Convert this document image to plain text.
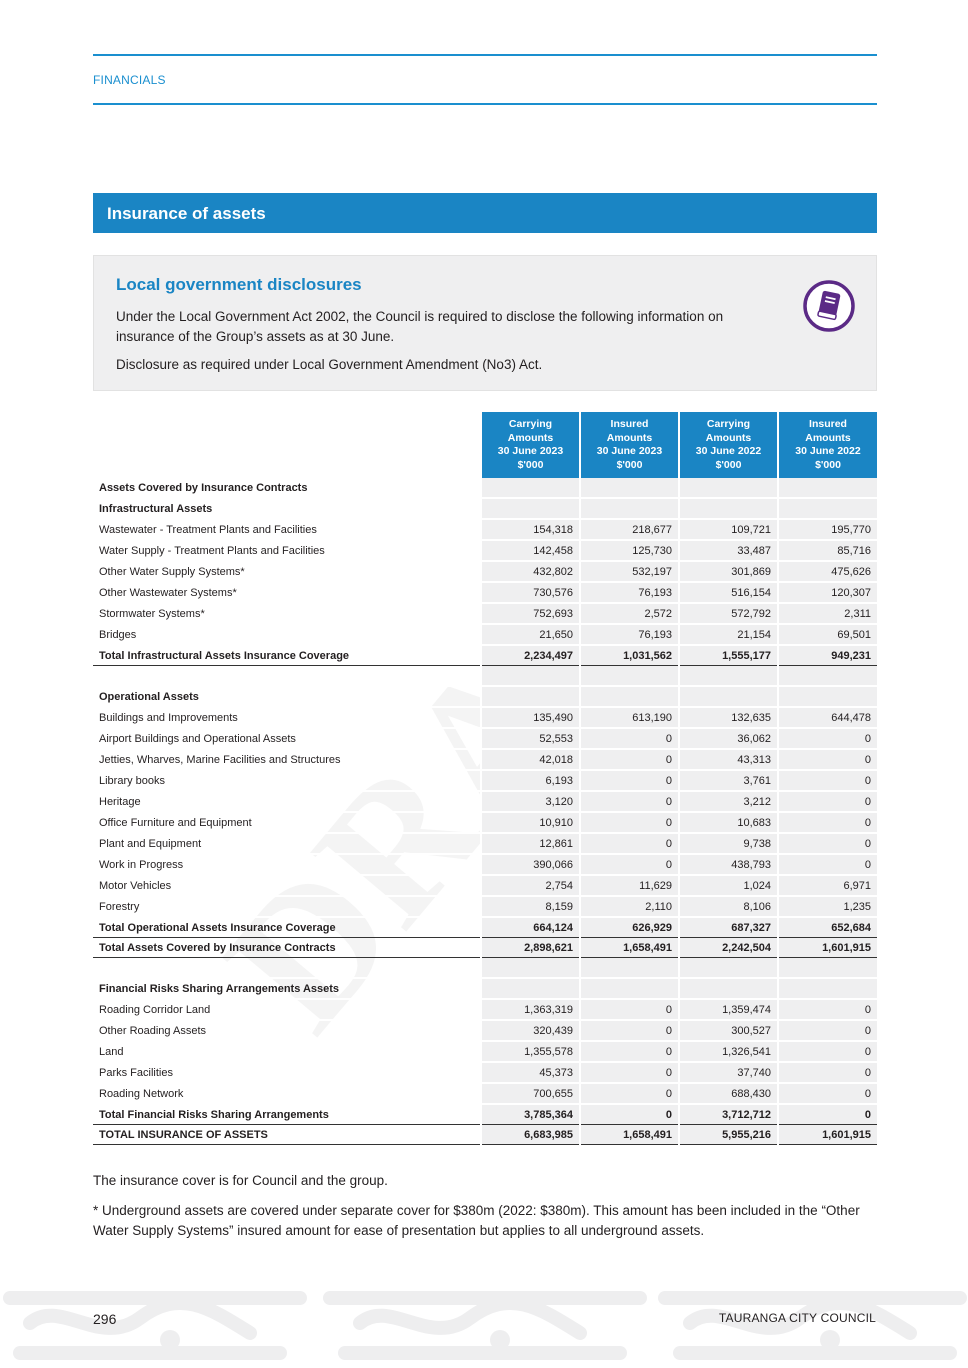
FINANCIALS
Insurance of assets
Local government disclosures
Under the Local Government Act 2002, the Council is required to disclose the following information on insurance of the Group’s assets as at 30 June.
Disclosure as required under Local Government Amendment (No3) Act.
	Carrying
Amounts
30 June 2023
$'000	Insured
Amounts
30 June 2023
$'000	Carrying
Amounts
30 June 2022
$'000	Insured
Amounts
30 June 2022
$'000
Assets Covered by Insurance Contracts				
Infrastructural Assets				
Wastewater - Treatment Plants and Facilities	154,318	218,677	109,721	195,770
Water Supply - Treatment Plants and Facilities	142,458	125,730	33,487	85,716
Other Water Supply Systems*	432,802	532,197	301,869	475,626
Other Wastewater Systems*	730,576	76,193	516,154	120,307
Stormwater Systems*	752,693	2,572	572,792	2,311
Bridges	21,650	76,193	21,154	69,501
Total Infrastructural Assets Insurance Coverage	2,234,497	1,031,562	1,555,177	949,231

Operational Assets				
Buildings and Improvements	135,490	613,190	132,635	644,478
Airport Buildings and Operational Assets	52,553	0	36,062	0
Jetties, Wharves, Marine Facilities and Structures	42,018	0	43,313	0
Library books	6,193	0	3,761	0
Heritage	3,120	0	3,212	0
Office Furniture and Equipment	10,910	0	10,683	0
Plant and Equipment	12,861	0	9,738	0
Work in Progress	390,066	0	438,793	0
Motor Vehicles	2,754	11,629	1,024	6,971
Forestry	8,159	2,110	8,106	1,235
Total Operational Assets Insurance Coverage	664,124	626,929	687,327	652,684
Total Assets Covered by Insurance Contracts	2,898,621	1,658,491	2,242,504	1,601,915

Financial Risks Sharing Arrangements Assets				
Roading Corridor Land	1,363,319	0	1,359,474	0
Other Roading Assets	320,439	0	300,527	0
Land	1,355,578	0	1,326,541	0
Parks Facilities	45,373	0	37,740	0
Roading Network	700,655	0	688,430	0
Total Financial Risks Sharing Arrangements	3,785,364	0	3,712,712	0
TOTAL INSURANCE OF ASSETS	6,683,985	1,658,491	5,955,216	1,601,915
The insurance cover is for Council and the group.
* Underground assets are covered under separate cover for $380m (2022: $380m). This amount has been included in the “Other Water Supply Systems” insured amount for ease of presentation but applies to all underground assets.
296	TAURANGA CITY COUNCIL
